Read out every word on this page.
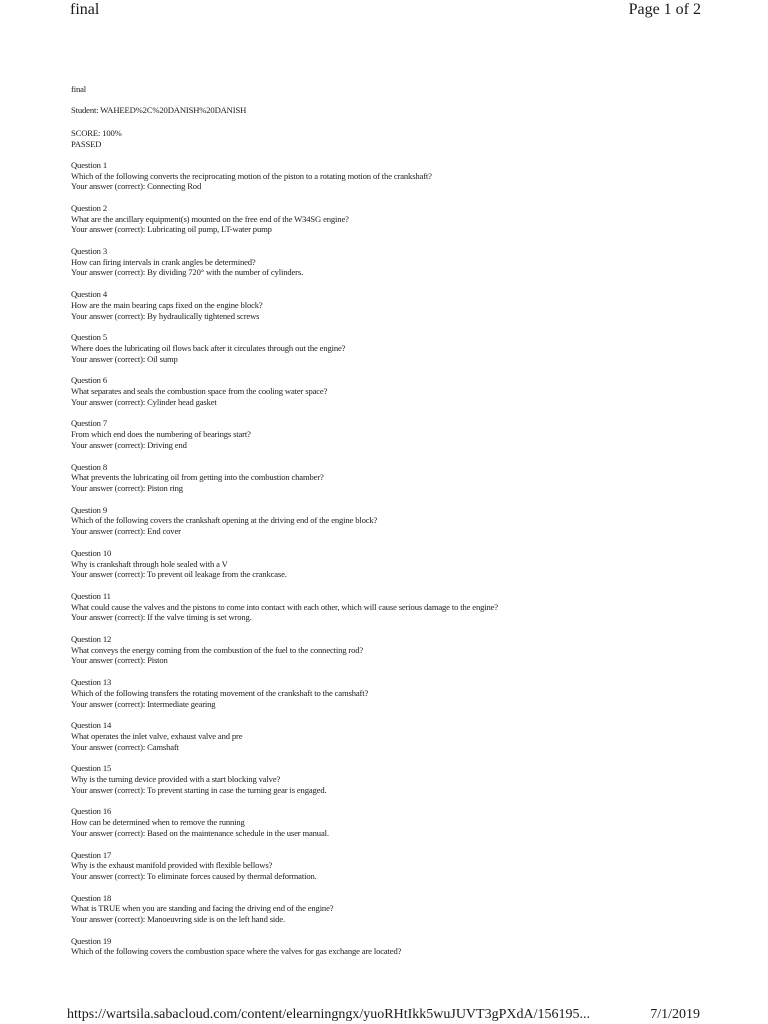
final	Page 1 of 2
final
Student: WAHEED%2C%20DANISH%20DANISH
SCORE: 100%
PASSED
Question 1
Which of the following converts the reciprocating motion of the piston to a rotating motion of the crankshaft?
Your answer (correct): Connecting Rod
Question 2
What are the ancillary equipment(s) mounted on the free end of the W34SG engine?
Your answer (correct): Lubricating oil pump, LT-water pump
Question 3
How can firing intervals in crank angles be determined?
Your answer (correct): By dividing 720° with the number of cylinders.
Question 4
How are the main bearing caps fixed on the engine block?
Your answer (correct): By hydraulically tightened screws
Question 5
Where does the lubricating oil flows back after it circulates through out the engine?
Your answer (correct): Oil sump
Question 6
What separates and seals the combustion space from the cooling water space?
Your answer (correct): Cylinder head gasket
Question 7
From which end does the numbering of bearings start?
Your answer (correct): Driving end
Question 8
What prevents the lubricating oil from getting into the combustion chamber?
Your answer (correct): Piston ring
Question 9
Which of the following covers the crankshaft opening at the driving end of the engine block?
Your answer (correct): End cover
Question 10
Why is crankshaft through hole sealed with a V
Your answer (correct): To prevent oil leakage from the crankcase.
Question 11
What could cause the valves and the pistons to come into contact with each other, which will cause serious damage to the engine?
Your answer (correct): If the valve timing is set wrong.
Question 12
What conveys the energy coming from the combustion of the fuel to the connecting rod?
Your answer (correct): Piston
Question 13
Which of the following transfers the rotating movement of the crankshaft to the camshaft?
Your answer (correct): Intermediate gearing
Question 14
What operates the inlet valve, exhaust valve and pre
Your answer (correct): Camshaft
Question 15
Why is the turning device provided with a start blocking valve?
Your answer (correct): To prevent starting in case the turning gear is engaged.
Question 16
How can be determined when to remove the running
Your answer (correct): Based on the maintenance schedule in the user manual.
Question 17
Why is the exhaust manifold provided with flexible bellows?
Your answer (correct): To eliminate forces caused by thermal deformation.
Question 18
What is TRUE when you are standing and facing the driving end of the engine?
Your answer (correct): Manoeuvring side is on the left hand side.
Question 19
Which of the following covers the combustion space where the valves for gas exchange are located?
https://wartsila.sabacloud.com/content/elearningngx/yuoRHtIkk5wuJUVT3gPXdA/156195...	7/1/2019
